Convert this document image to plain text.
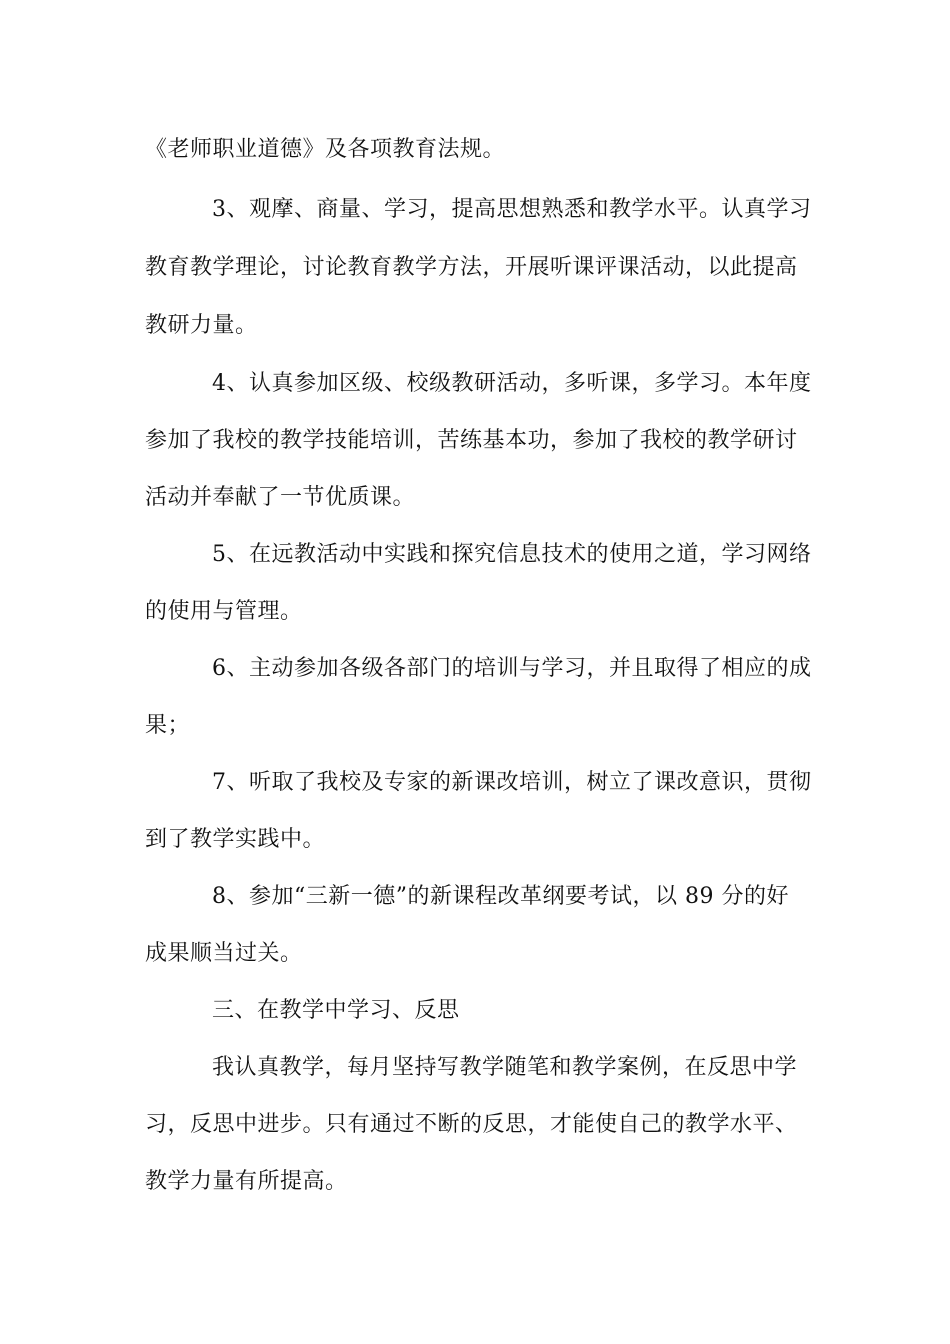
《老师职业道德》及各项教育法规。
3、观摩、商量、学习，提高思想熟悉和教学水平。认真学习
教育教学理论，讨论教育教学方法，开展听课评课活动，以此提高
教研力量。
4、认真参加区级、校级教研活动，多听课，多学习。本年度
参加了我校的教学技能培训，苦练基本功，参加了我校的教学研讨
活动并奉献了一节优质课。
5、在远教活动中实践和探究信息技术的使用之道，学习网络
的使用与管理。
6、主动参加各级各部门的培训与学习，并且取得了相应的成
果；
7、听取了我校及专家的新课改培训，树立了课改意识，贯彻
到了教学实践中。
8、参加“三新一德”的新课程改革纲要考试，以 89 分的好
成果顺当过关。
三、在教学中学习、反思
我认真教学，每月坚持写教学随笔和教学案例，在反思中学
习，反思中进步。只有通过不断的反思，才能使自己的教学水平、
教学力量有所提高。
